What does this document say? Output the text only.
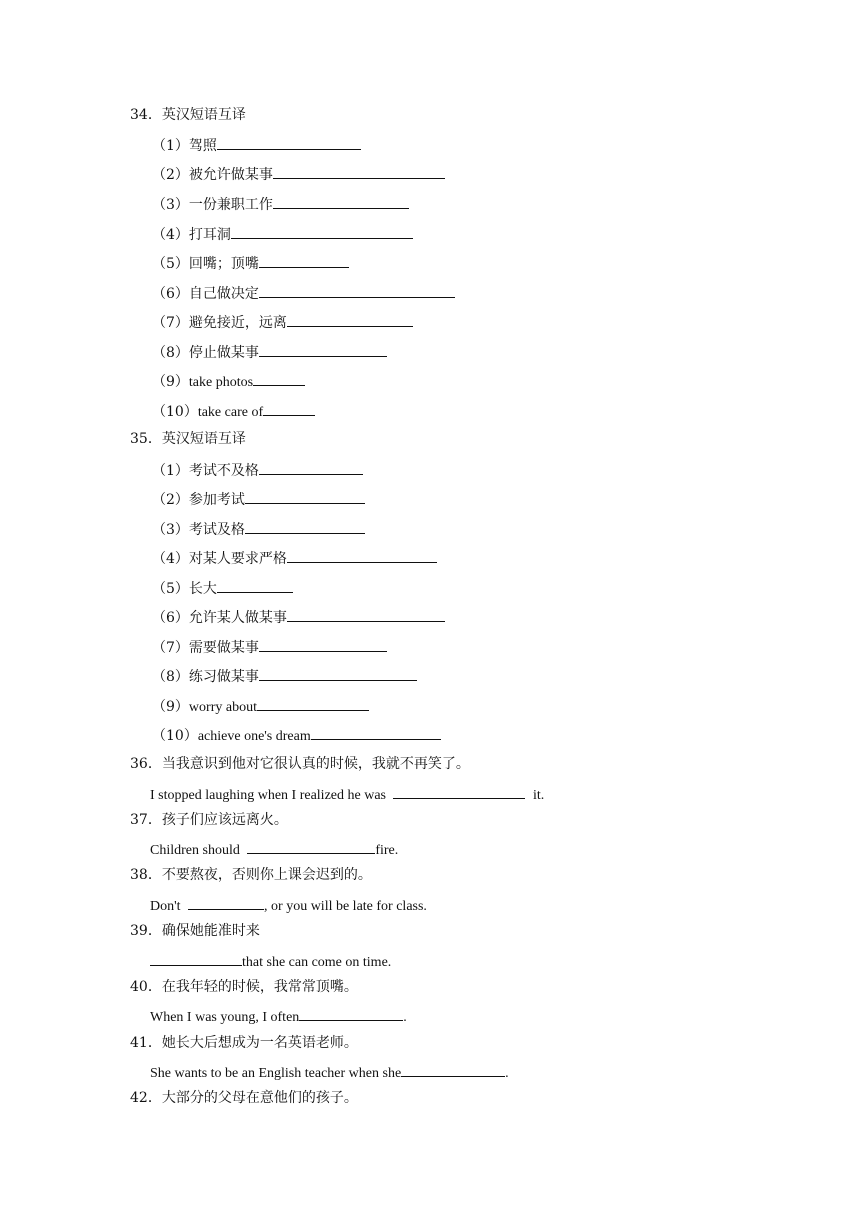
34．英汉短语互译
（1）驾照
（2）被允许做某事
（3）一份兼职工作
（4）打耳洞
（5）回嘴；顶嘴
（6）自己做决定
（7）避免接近，远离
（8）停止做某事
（9）take photos
（10）take care of
35．英汉短语互译
（1）考试不及格
（2）参加考试
（3）考试及格
（4）对某人要求严格
（5）长大
（6）允许某人做某事
（7）需要做某事
（8）练习做某事
（9）worry about
（10）achieve one's dream
36．当我意识到他对它很认真的时候，我就不再笑了。
I stopped laughing when I realized he was	it.
37．孩子们应该远离火。
Children should	fire.
38．不要熬夜，否则你上课会迟到的。
Don't	, or you will be late for class.
39．确保她能准时来
that she can come on time.
40．在我年轻的时候，我常常顶嘴。
When I was young, I often	.
41．她长大后想成为一名英语老师。
She wants to be an English teacher when she	.
42．大部分的父母在意他们的孩子。
